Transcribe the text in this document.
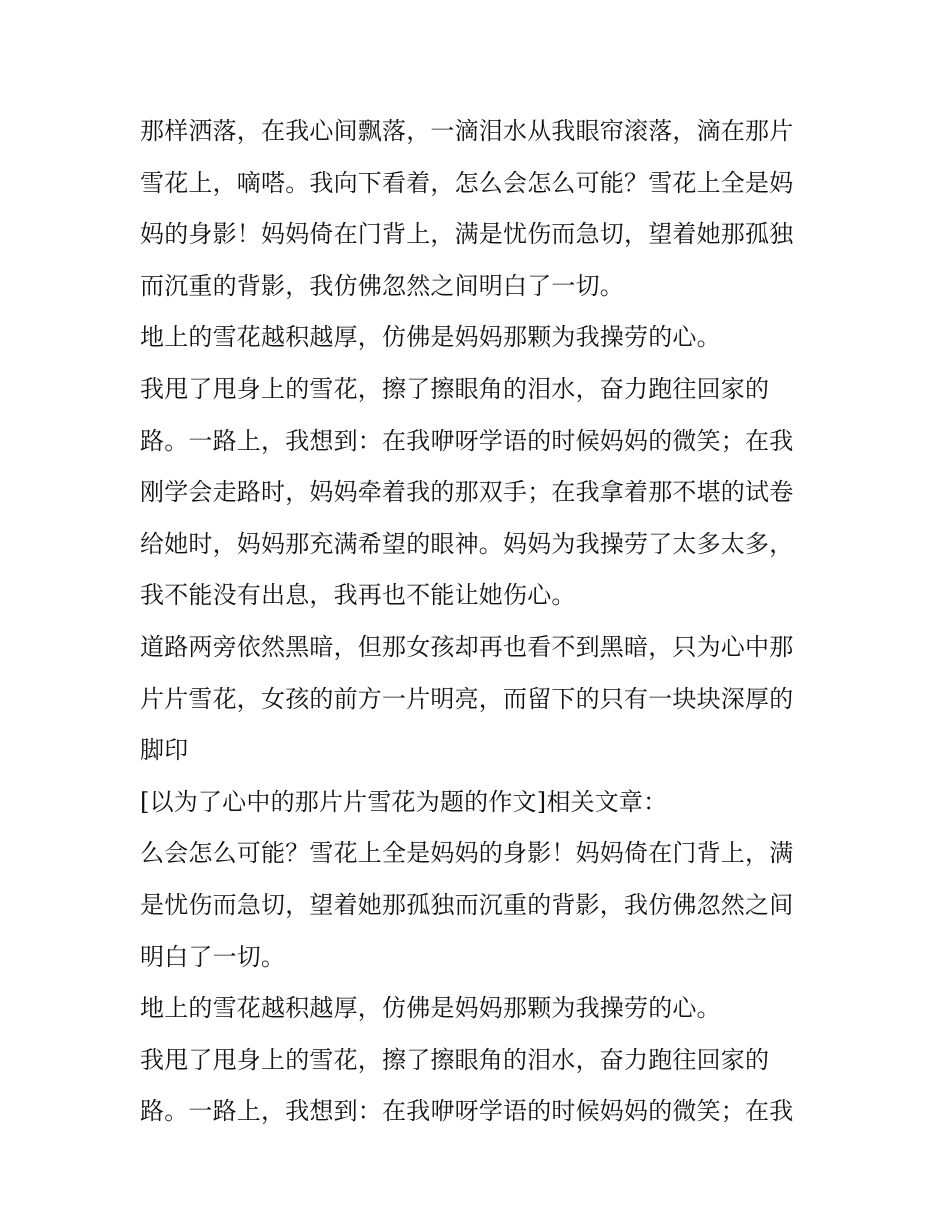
那样洒落，在我心间飘落，一滴泪水从我眼帘滚落，滴在那片
雪花上，嘀嗒。我向下看着，怎么会怎么可能？雪花上全是妈
妈的身影！妈妈倚在门背上，满是忧伤而急切，望着她那孤独
而沉重的背影，我仿佛忽然之间明白了一切。
地上的雪花越积越厚，仿佛是妈妈那颗为我操劳的心。
我甩了甩身上的雪花，擦了擦眼角的泪水，奋力跑往回家的
路。一路上，我想到：在我咿呀学语的时候妈妈的微笑；在我
刚学会走路时，妈妈牵着我的那双手；在我拿着那不堪的试卷
给她时，妈妈那充满希望的眼神。妈妈为我操劳了太多太多，
我不能没有出息，我再也不能让她伤心。
道路两旁依然黑暗，但那女孩却再也看不到黑暗，只为心中那
片片雪花，女孩的前方一片明亮，而留下的只有一块块深厚的
脚印
[以为了心中的那片片雪花为题的作文]相关文章：
么会怎么可能？雪花上全是妈妈的身影！妈妈倚在门背上，满
是忧伤而急切，望着她那孤独而沉重的背影，我仿佛忽然之间
明白了一切。
地上的雪花越积越厚，仿佛是妈妈那颗为我操劳的心。
我甩了甩身上的雪花，擦了擦眼角的泪水，奋力跑往回家的
路。一路上，我想到：在我咿呀学语的时候妈妈的微笑；在我
